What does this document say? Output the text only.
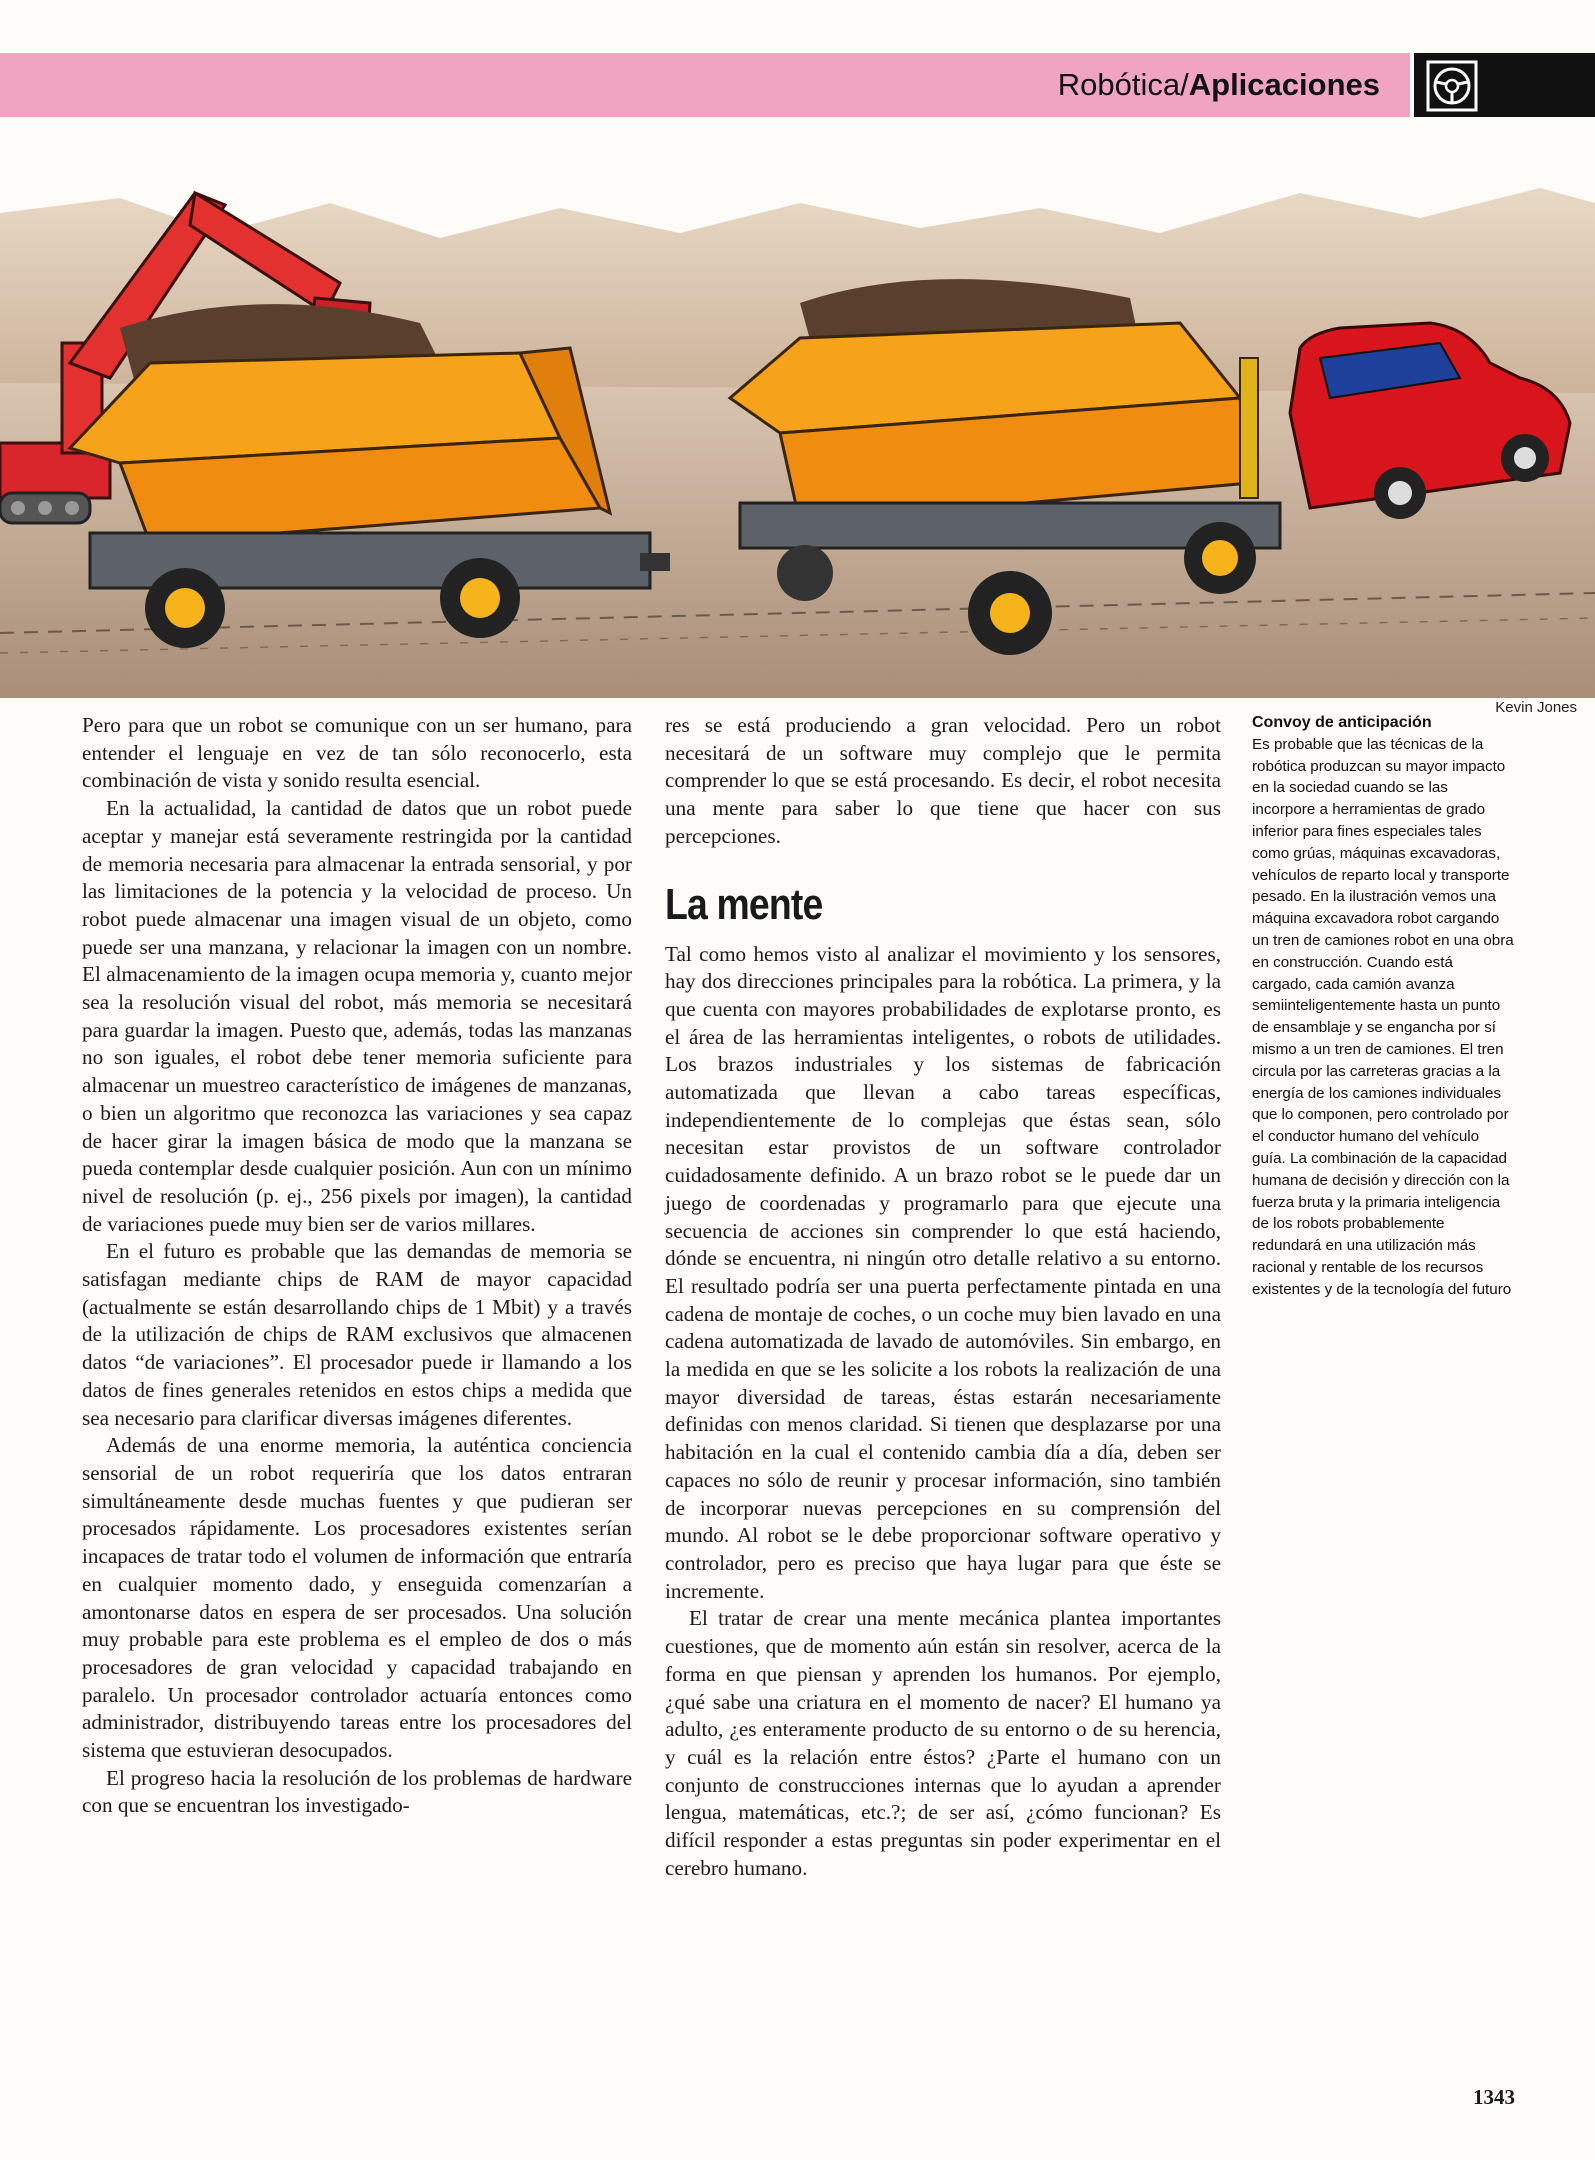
Robótica/Aplicaciones
Kevin Jones

Pero para que un robot se comunique con un ser humano, para entender el lenguaje en vez de tan sólo reconocerlo, esta combinación de vista y sonido resulta esencial.

En la actualidad, la cantidad de datos que un robot puede aceptar y manejar está severamente restringida por la cantidad de memoria necesaria para almacenar la entrada sensorial, y por las limitaciones de la potencia y la velocidad de proceso. Un robot puede almacenar una imagen visual de un objeto, como puede ser una manzana, y relacionar la imagen con un nombre. El almacenamiento de la imagen ocupa memoria y, cuanto mejor sea la resolución visual del robot, más memoria se necesitará para guardar la imagen. Puesto que, además, todas las manzanas no son iguales, el robot debe tener memoria suficiente para almacenar un muestreo característico de imágenes de manzanas, o bien un algoritmo que reconozca las variaciones y sea capaz de hacer girar la imagen básica de modo que la manzana se pueda contemplar desde cualquier posición. Aun con un mínimo nivel de resolución (p. ej., 256 pixels por imagen), la cantidad de variaciones puede muy bien ser de varios millares.

En el futuro es probable que las demandas de memoria se satisfagan mediante chips de RAM de mayor capacidad (actualmente se están desarrollando chips de 1 Mbit) y a través de la utilización de chips de RAM exclusivos que almacenen datos “de variaciones”. El procesador puede ir llamando a los datos de fines generales retenidos en estos chips a medida que sea necesario para clarificar diversas imágenes diferentes.

Además de una enorme memoria, la auténtica conciencia sensorial de un robot requeriría que los datos entraran simultáneamente desde muchas fuentes y que pudieran ser procesados rápidamente. Los procesadores existentes serían incapaces de tratar todo el volumen de información que entraría en cualquier momento dado, y enseguida comenzarían a amontonarse datos en espera de ser procesados. Una solución muy probable para este problema es el empleo de dos o más procesadores de gran velocidad y capacidad trabajando en paralelo. Un procesador controlador actuaría entonces como administrador, distribuyendo tareas entre los procesadores del sistema que estuvieran desocupados.

El progreso hacia la resolución de los problemas de hardware con que se encuentran los investigado-

res se está produciendo a gran velocidad. Pero un robot necesitará de un software muy complejo que le permita comprender lo que se está procesando. Es decir, el robot necesita una mente para saber lo que tiene que hacer con sus percepciones.

La mente

Tal como hemos visto al analizar el movimiento y los sensores, hay dos direcciones principales para la robótica. La primera, y la que cuenta con mayores probabilidades de explotarse pronto, es el área de las herramientas inteligentes, o robots de utilidades. Los brazos industriales y los sistemas de fabricación automatizada que llevan a cabo tareas específicas, independientemente de lo complejas que éstas sean, sólo necesitan estar provistos de un software controlador cuidadosamente definido. A un brazo robot se le puede dar un juego de coordenadas y programarlo para que ejecute una secuencia de acciones sin comprender lo que está haciendo, dónde se encuentra, ni ningún otro detalle relativo a su entorno. El resultado podría ser una puerta perfectamente pintada en una cadena de montaje de coches, o un coche muy bien lavado en una cadena automatizada de lavado de automóviles. Sin embargo, en la medida en que se les solicite a los robots la realización de una mayor diversidad de tareas, éstas estarán necesariamente definidas con menos claridad. Si tienen que desplazarse por una habitación en la cual el contenido cambia día a día, deben ser capaces no sólo de reunir y procesar información, sino también de incorporar nuevas percepciones en su comprensión del mundo. Al robot se le debe proporcionar software operativo y controlador, pero es preciso que haya lugar para que éste se incremente.

El tratar de crear una mente mecánica plantea importantes cuestiones, que de momento aún están sin resolver, acerca de la forma en que piensan y aprenden los humanos. Por ejemplo, ¿qué sabe una criatura en el momento de nacer? El humano ya adulto, ¿es enteramente producto de su entorno o de su herencia, y cuál es la relación entre éstos? ¿Parte el humano con un conjunto de construcciones internas que lo ayudan a aprender lengua, matemáticas, etc.?; de ser así, ¿cómo funcionan? Es difícil responder a estas preguntas sin poder experimentar en el cerebro humano.

Convoy de anticipación
Es probable que las técnicas de la robótica produzcan su mayor impacto en la sociedad cuando se las incorpore a herramientas de grado inferior para fines especiales tales como grúas, máquinas excavadoras, vehículos de reparto local y transporte pesado. En la ilustración vemos una máquina excavadora robot cargando un tren de camiones robot en una obra en construcción. Cuando está cargado, cada camión avanza semiinteligentemente hasta un punto de ensamblaje y se engancha por sí mismo a un tren de camiones. El tren circula por las carreteras gracias a la energía de los camiones individuales que lo componen, pero controlado por el conductor humano del vehículo guía. La combinación de la capacidad humana de decisión y dirección con la fuerza bruta y la primaria inteligencia de los robots probablemente redundará en una utilización más racional y rentable de los recursos existentes y de la tecnología del futuro
1343
